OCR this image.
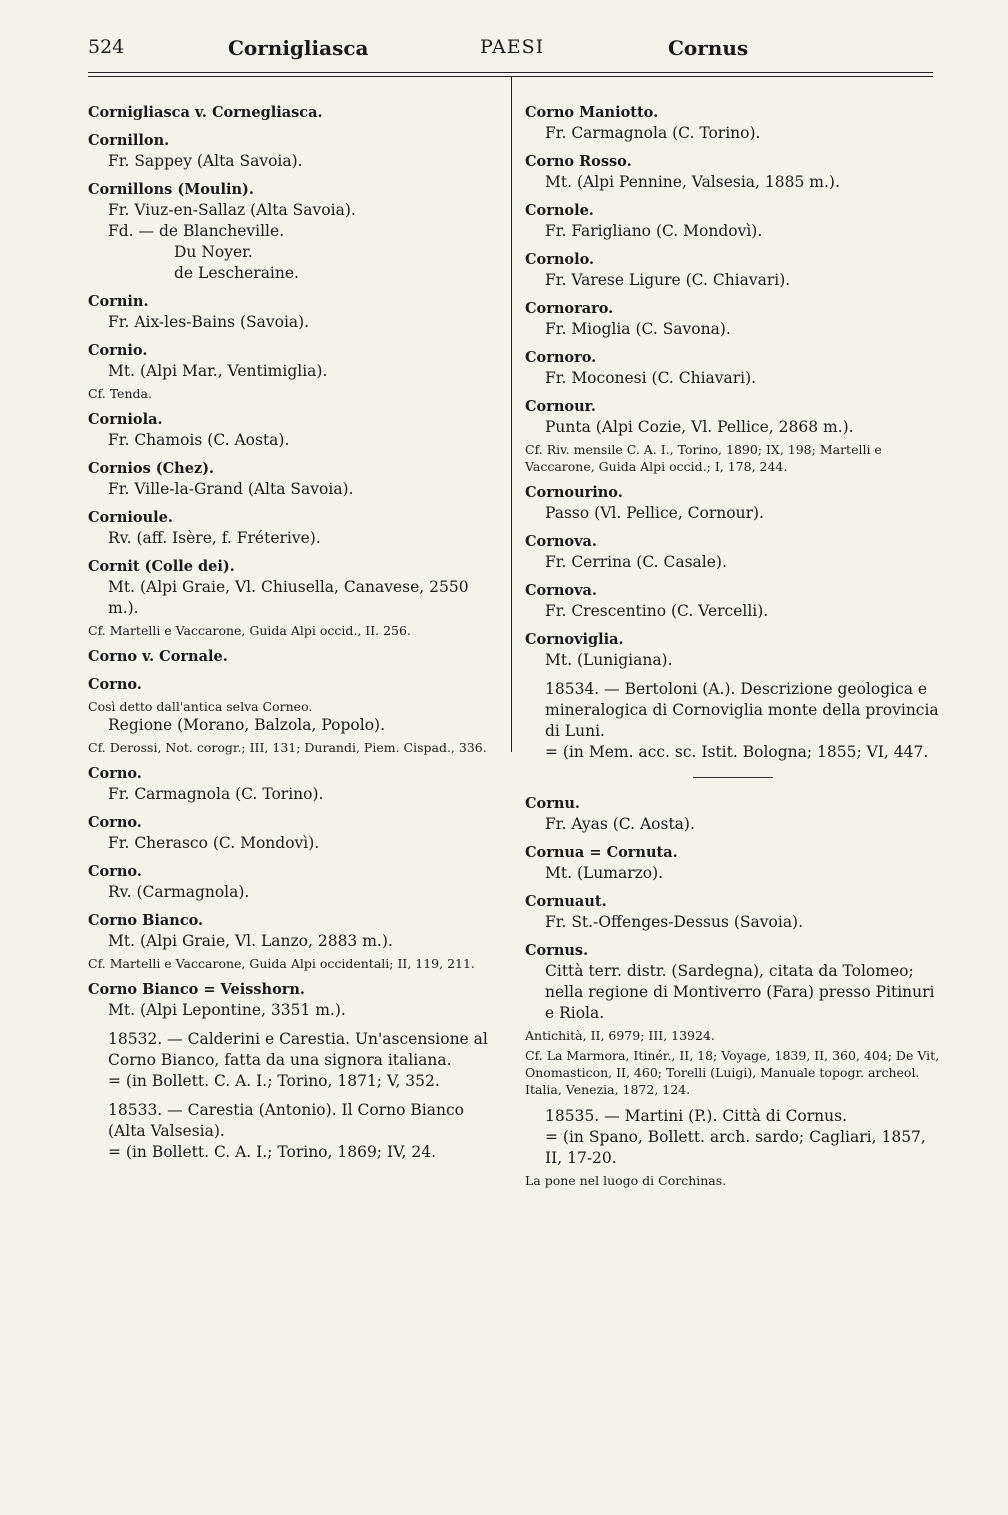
524	Cornigliasca	PAESI	Cornus
Cornigliasca v. Cornegliasca.
Cornillon.
Fr. Sappey (Alta Savoia).
Cornillons (Moulin).
Fr. Viuz-en-Sallaz (Alta Savoia).
Fd. — de Blancheville.
Du Noyer.
de Lescheraine.
Cornin.
Fr. Aix-les-Bains (Savoia).
Cornio.
Mt. (Alpi Mar., Ventimiglia).
Cf. Tenda.
Corniola.
Fr. Chamois (C. Aosta).
Cornios (Chez).
Fr. Ville-la-Grand (Alta Savoia).
Cornioule.
Rv. (aff. Isère, f. Fréterive).
Cornit (Colle dei).
Mt. (Alpi Graie, Vl. Chiusella, Canavese, 2550 m.).
Cf. Martelli e Vaccarone, Guida Alpi occid., II. 256.
Corno v. Cornale.
Corno.
Così detto dall'antica selva Corneo.
Regione (Morano, Balzola, Popolo).
Cf. Derossi, Not. corogr.; III, 131; Durandi, Piem. Cispad., 336.
Corno.
Fr. Carmagnola (C. Torino).
Corno.
Fr. Cherasco (C. Mondovì).
Corno.
Rv. (Carmagnola).
Corno Bianco.
Mt. (Alpi Graie, Vl. Lanzo, 2883 m.).
Cf. Martelli e Vaccarone, Guida Alpi occidentali; II, 119, 211.
Corno Bianco = Veisshorn.
Mt. (Alpi Lepontine, 3351 m.).
18532. — Calderini e Carestia. Un'ascensione al Corno Bianco, fatta da una signora italiana.
= (in Bollett. C. A. I.; Torino, 1871; V, 352.
18533. — Carestia (Antonio). Il Corno Bianco (Alta Valsesia).
= (in Bollett. C. A. I.; Torino, 1869; IV, 24.
Corno Maniotto.
Fr. Carmagnola (C. Torino).
Corno Rosso.
Mt. (Alpi Pennine, Valsesia, 1885 m.).
Cornole.
Fr. Farigliano (C. Mondovì).
Cornolo.
Fr. Varese Ligure (C. Chiavari).
Cornoraro.
Fr. Mioglia (C. Savona).
Cornoro.
Fr. Moconesi (C. Chiavari).
Cornour.
Punta (Alpi Cozie, Vl. Pellice, 2868 m.).
Cf. Riv. mensile C. A. I., Torino, 1890; IX, 198; Martelli e Vaccarone, Guida Alpi occid.; I, 178, 244.
Cornourino.
Passo (Vl. Pellice, Cornour).
Cornova.
Fr. Cerrina (C. Casale).
Cornova.
Fr. Crescentino (C. Vercelli).
Cornoviglia.
Mt. (Lunigiana).
18534. — Bertoloni (A.). Descrizione geologica e mineralogica di Cornoviglia monte della provincia di Luni.
= (in Mem. acc. sc. Istit. Bologna; 1855; VI, 447.
Cornu.
Fr. Ayas (C. Aosta).
Cornua = Cornuta.
Mt. (Lumarzo).
Cornuaut.
Fr. St.-Offenges-Dessus (Savoia).
Cornus.
Città terr. distr. (Sardegna), citata da Tolomeo; nella regione di Montiverro (Fara) presso Pitinuri e Riola.
Antichità, II, 6979; III, 13924.
Cf. La Marmora, Itinér., II, 18; Voyage, 1839, II, 360, 404; De Vit, Onomasticon, II, 460; Torelli (Luigi), Manuale topogr. archeol. Italia, Venezia, 1872, 124.
18535. — Martini (P.). Città di Cornus.
= (in Spano, Bollett. arch. sardo; Cagliari, 1857, II, 17-20.
La pone nel luogo di Corchinas.
